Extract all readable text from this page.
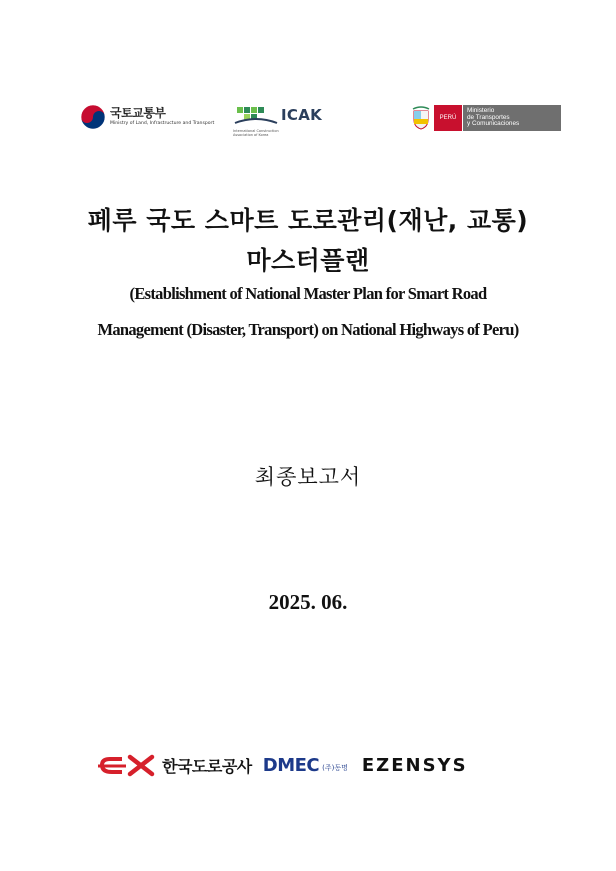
국토교통부
Ministry of Land, Infrastructure and Transport	ICAK
International Construction Association of Korea
PERÚ
Ministerio
de Transportes
y Comunicaciones
페루 국도 스마트 도로관리(재난, 교통)
마스터플랜
(Establishment of National Master Plan for Smart Road
Management (Disaster, Transport) on National Highways of Peru)
최종보고서
2025. 06.
한국도로공사 DMEC (주)동명 EZENSYS
